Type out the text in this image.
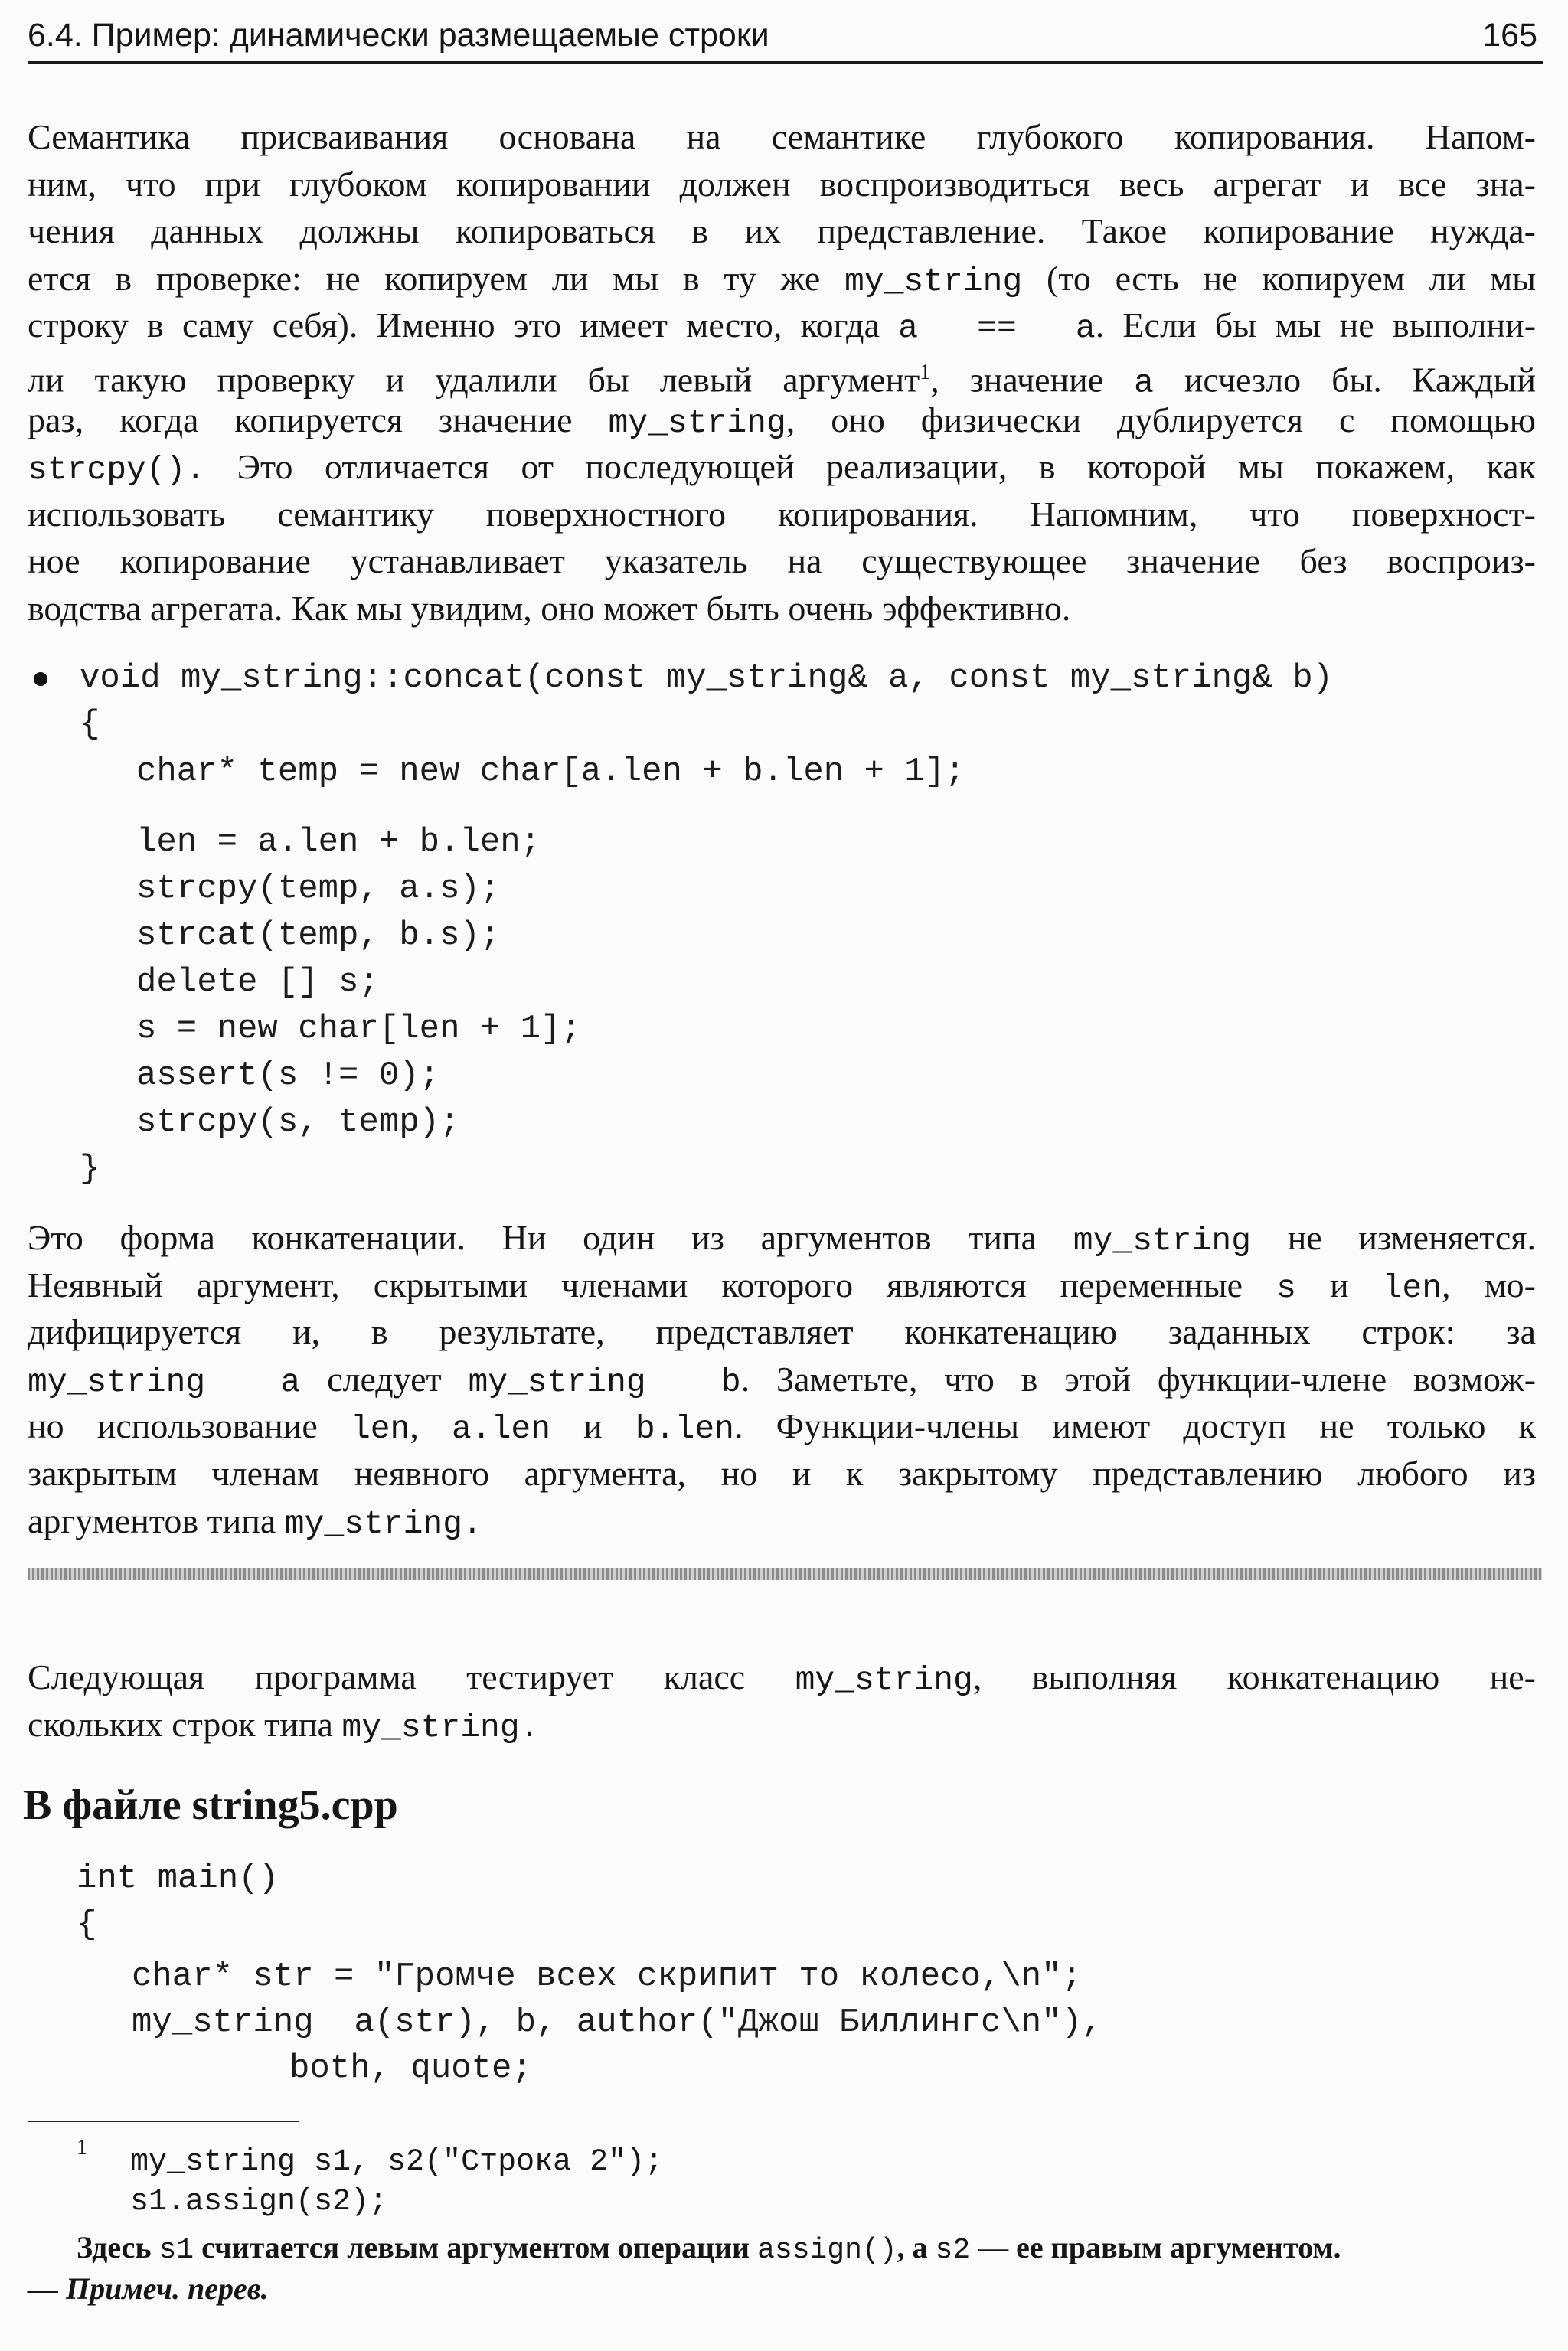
6.4. Пример: динамически размещаемые строки	165
Семантика присваивания основана на семантике глубокого копирования. Напом-
ним, что при глубоком копировании должен воспроизводиться весь агрегат и все зна-
чения данных должны копироваться в их представление. Такое копирование нужда-
ется в проверке: не копируем ли мы в ту же my_string (то есть не копируем ли мы
строку в саму себя). Именно это имеет место, когда a  ==  a. Если бы мы не выполни-
ли такую проверку и удалили бы левый аргумент$^1$, значение a исчезло бы. Каждый
раз, когда копируется значение my_string, оно физически дублируется с помощью
strcpy(). Это отличается от последующей реализации, в которой мы покажем, как
использовать семантику поверхностного копирования. Напомним, что поверхност-
ное копирование устанавливает указатель на существующее значение без воспроиз-
водства агрегата. Как мы увидим, оно может быть очень эффективно.
void my_string::concat(const my_string& a, const my_string& b)
{
char* temp = new char[a.len + b.len + 1];
len = a.len + b.len;
strcpy(temp, a.s);
strcat(temp, b.s);
delete [] s;
s = new char[len + 1];
assert(s != 0);
strcpy(s, temp);
}
Это форма конкатенации. Ни один из аргументов типа my_string не изменяется.
Неявный аргумент, скрытыми членами которого являются переменные s и len, мо-
дифицируется и, в результате, представляет конкатенацию заданных строк: за
my_string  a следует my_string  b. Заметьте, что в этой функции-члене возмож-
но использование len, a.len и b.len. Функции-члены имеют доступ не только к
закрытым членам неявного аргумента, но и к закрытому представлению любого из
аргументов типа my_string.
Следующая программа тестирует класс my_string, выполняя конкатенацию не-
скольких строк типа my_string.
В файле string5.cpp
int main()
{
char* str = "Громче всех скрипит то колесо,\n";
my_string  a(str), b, author("Джош Биллингс\n"),
both, quote;
1 my_string s1, s2("Строка 2");
s1.assign(s2);
Здесь s1 считается левым аргументом операции assign(), а s2 — ее правым аргументом.
— Примеч. перев.
